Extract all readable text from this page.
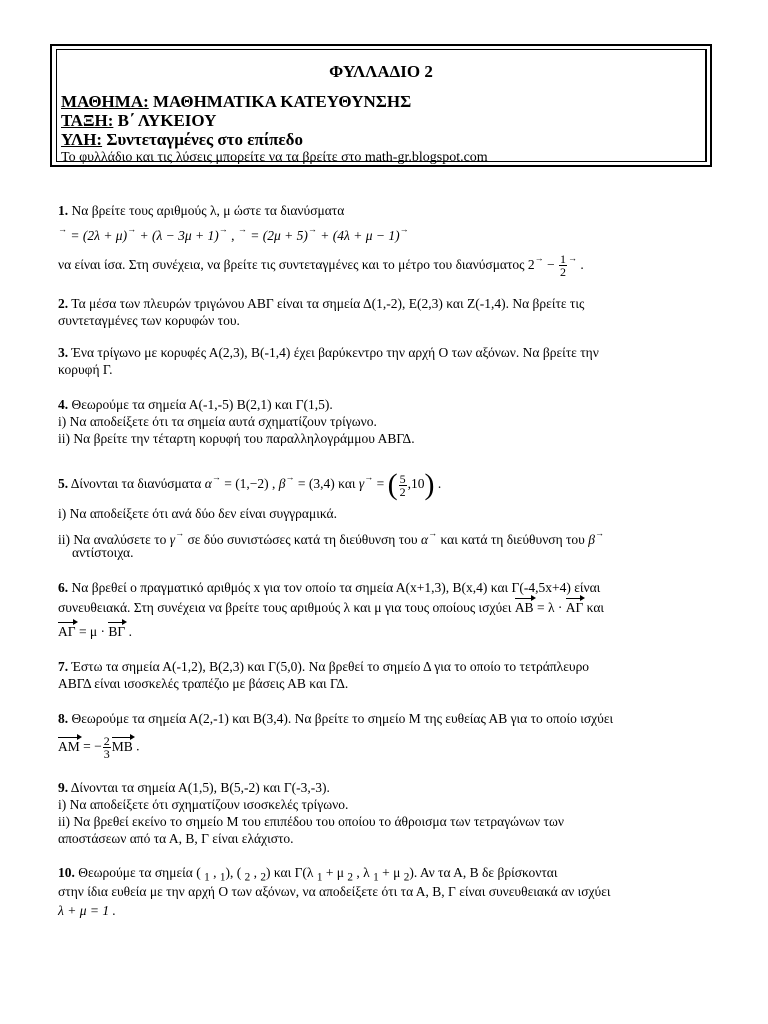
ΦΥΛΛΑΔΙΟ 2
ΜΑΘΗΜΑ: ΜΑΘΗΜΑΤΙΚΑ ΚΑΤΕΥΘΥΝΣΗΣ
ΤΑΞΗ: Β΄ ΛΥΚΕΙΟΥ
ΥΛΗ: Συντεταγμένες στο επίπεδο
Το φυλλάδιο και τις λύσεις μπορείτε να τα βρείτε στο math-gr.blogspot.com
1. Να βρείτε τους αριθμούς λ, μ ώστε τα διανύσματα
→ = (2λ + μ)→ + (λ − 3μ + 1)→ , → = (2μ + 5)→ + (4λ + μ − 1)→
να είναι ίσα. Στη συνέχεια, να βρείτε τις συντεταγμένες και το μέτρο του διανύσματος $2^\to - \frac{1}{2} ^\to$ .
2. Τα μέσα των πλευρών τριγώνου ΑΒΓ είναι τα σημεία Δ(1,-2), Ε(2,3) και Ζ(-1,4). Να βρείτε τις
συντεταγμένες των κορυφών του.
3. Ένα τρίγωνο με κορυφές Α(2,3), Β(-1,4) έχει βαρύκεντρο την αρχή Ο των αξόνων. Να βρείτε την
κορυφή Γ.
4. Θεωρούμε τα σημεία Α(-1,-5) Β(2,1) και Γ(1,5).
i) Να αποδείξετε ότι τα σημεία αυτά σχηματίζουν τρίγωνο.
ii) Να βρείτε την τέταρτη κορυφή του παραλληλογράμμου ΑΒΓΔ.
5. Δίνονται τα διανύσματα α→ = (1,−2) , β→ = (3,4) και γ→ = ( $\frac{5}{2} ,10$) .
i) Να αποδείξετε ότι ανά δύο δεν είναι συγγραμικά.
ii) Να αναλύσετε το γ→ σε δύο συνιστώσες κατά τη διεύθυνση του α→ και κατά τη διεύθυνση του β→
αντίστοιχα.
6. Να βρεθεί ο πραγματικό αριθμός x για τον οποίο τα σημεία Α(x+1,3), Β(x,4) και Γ(-4,5x+4) είναι
συνευθειακά. Στη συνέχεια να βρείτε τους αριθμούς λ και μ για τους οποίους ισχύει ΑΒ = λ · ΑΓ και
ΑΓ = μ · ΒΓ .
7. Έστω τα σημεία Α(-1,2), Β(2,3) και Γ(5,0). Να βρεθεί το σημείο Δ για το οποίο το τετράπλευρο
ΑΒΓΔ είναι ισοσκελές τραπέζιο με βάσεις ΑΒ και ΓΔ.
8. Θεωρούμε τα σημεία Α(2,-1) και Β(3,4). Να βρείτε το σημείο Μ της ευθείας ΑΒ για το οποίο ισχύει
ΑΜ = − $\frac{2}{3}$ ΜΒ .
9. Δίνονται τα σημεία Α(1,5), Β(5,-2) και Γ(-3,-3).
i) Να αποδείξετε ότι σχηματίζουν ισοσκελές τρίγωνο.
ii) Να βρεθεί εκείνο το σημείο Μ του επιπέδου του οποίου το άθροισμα των τετραγώνων των
αποστάσεων από τα Α, Β, Γ είναι ελάχιστο.
10. Θεωρούμε τα σημεία ( $_1$ , $_1$), ( $_2$ , $_2$) και Γ(λ $_1$ + μ $_2$ , λ $_1$ + μ $_2$). Αν τα Α, Β δε βρίσκονται
στην ίδια ευθεία με την αρχή Ο των αξόνων, να αποδείξετε ότι τα Α, Β, Γ είναι συνευθειακά αν ισχύει
λ + μ = 1 .
